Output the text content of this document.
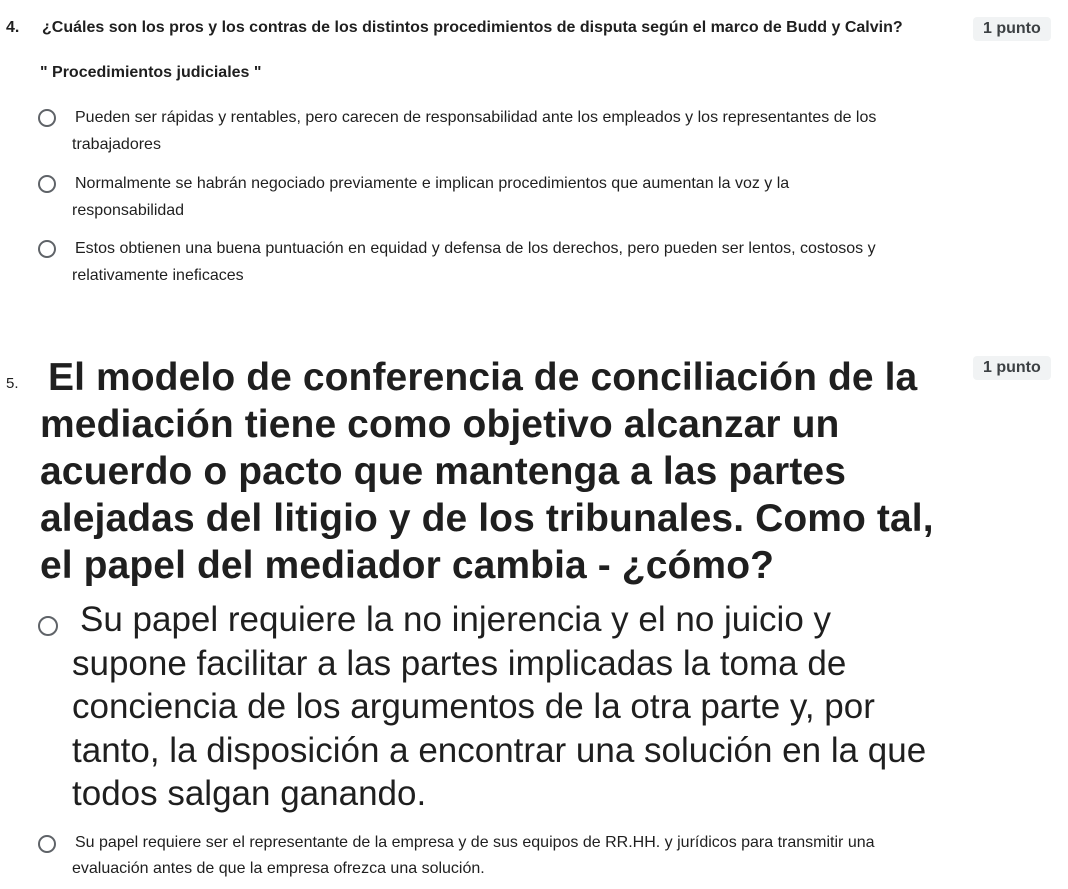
4. ¿Cuáles son los pros y los contras de los distintos procedimientos de disputa según el marco de Budd y Calvin?	1 punto
" Procedimientos judiciales "
Pueden ser rápidas y rentables, pero carecen de responsabilidad ante los empleados y los representantes de los trabajadores
Normalmente se habrán negociado previamente e implican procedimientos que aumentan la voz y la responsabilidad
Estos obtienen una buena puntuación en equidad y defensa de los derechos, pero pueden ser lentos, costosos y relativamente ineficaces
5. El modelo de conferencia de conciliación de la mediación tiene como objetivo alcanzar un acuerdo o pacto que mantenga a las partes alejadas del litigio y de los tribunales. Como tal, el papel del mediador cambia - ¿cómo?
1 punto
Su papel requiere la no injerencia y el no juicio y supone facilitar a las partes implicadas la toma de conciencia de los argumentos de la otra parte y, por tanto, la disposición a encontrar una solución en la que todos salgan ganando.
Su papel requiere ser el representante de la empresa y de sus equipos de RR.HH. y jurídicos para transmitir una evaluación antes de que la empresa ofrezca una solución.
